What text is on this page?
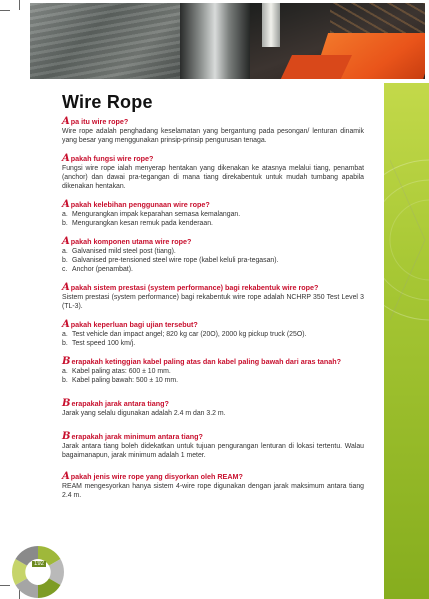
Wire Rope
Apa itu wire rope?
Wire rope adalah penghadang keselamatan yang bergantung pada pesongan/ lenturan dinamik yang besar yang menggunakan prinsip-prinsip pengurusan tenaga.
Apakah fungsi wire rope?
Fungsi wire rope ialah menyerap hentakan yang dikenakan ke atasnya melalui tiang, penambat (anchor) dan dawai pra-tegangan di mana tiang direkabentuk untuk mudah tumbang apabila dikenakan hentakan.
Apakah kelebihan penggunaan wire rope?
a. Mengurangkan impak keparahan semasa kemalangan.
b. Mengurangkan kesan remuk pada kenderaan.
Apakah komponen utama wire rope?
a. Galvanised mild steel post (tiang).
b. Galvanised pre-tensioned steel wire rope (kabel keluli pra-tegasan).
c. Anchor (penambat).
Apakah sistem prestasi (system performance) bagi rekabentuk wire rope?
Sistem prestasi (system performance) bagi rekabentuk wire rope adalah NCHRP 350 Test Level 3 (TL-3).
Apakah keperluan bagi ujian tersebut?
a. Test vehicle dan impact angel; 820 kg car (20O), 2000 kg pickup truck (25O).
b. Test speed 100 km/j.
Berapakah ketinggian kabel paling atas dan kabel paling bawah dari aras tanah?
a. Kabel paling atas: 600 ± 10 mm.
b. Kabel paling bawah: 500 ± 10 mm.
Berapakah jarak antara tiang?
Jarak yang selalu digunakan adalah 2.4 m dan 3.2 m.
Berapakah jarak minimum antara tiang?
Jarak antara tiang boleh didekatkan untuk tujuan pengurangan lenturan di lokasi tertentu. Walau bagaimanapun, jarak minimum adalah 1 meter.
Apakah jenis wire rope yang disyorkan oleh REAM?
REAM mengesyorkan hanya sistem 4-wire rope digunakan dengan jarak maksimum antara tiang 2.4 m.
192
